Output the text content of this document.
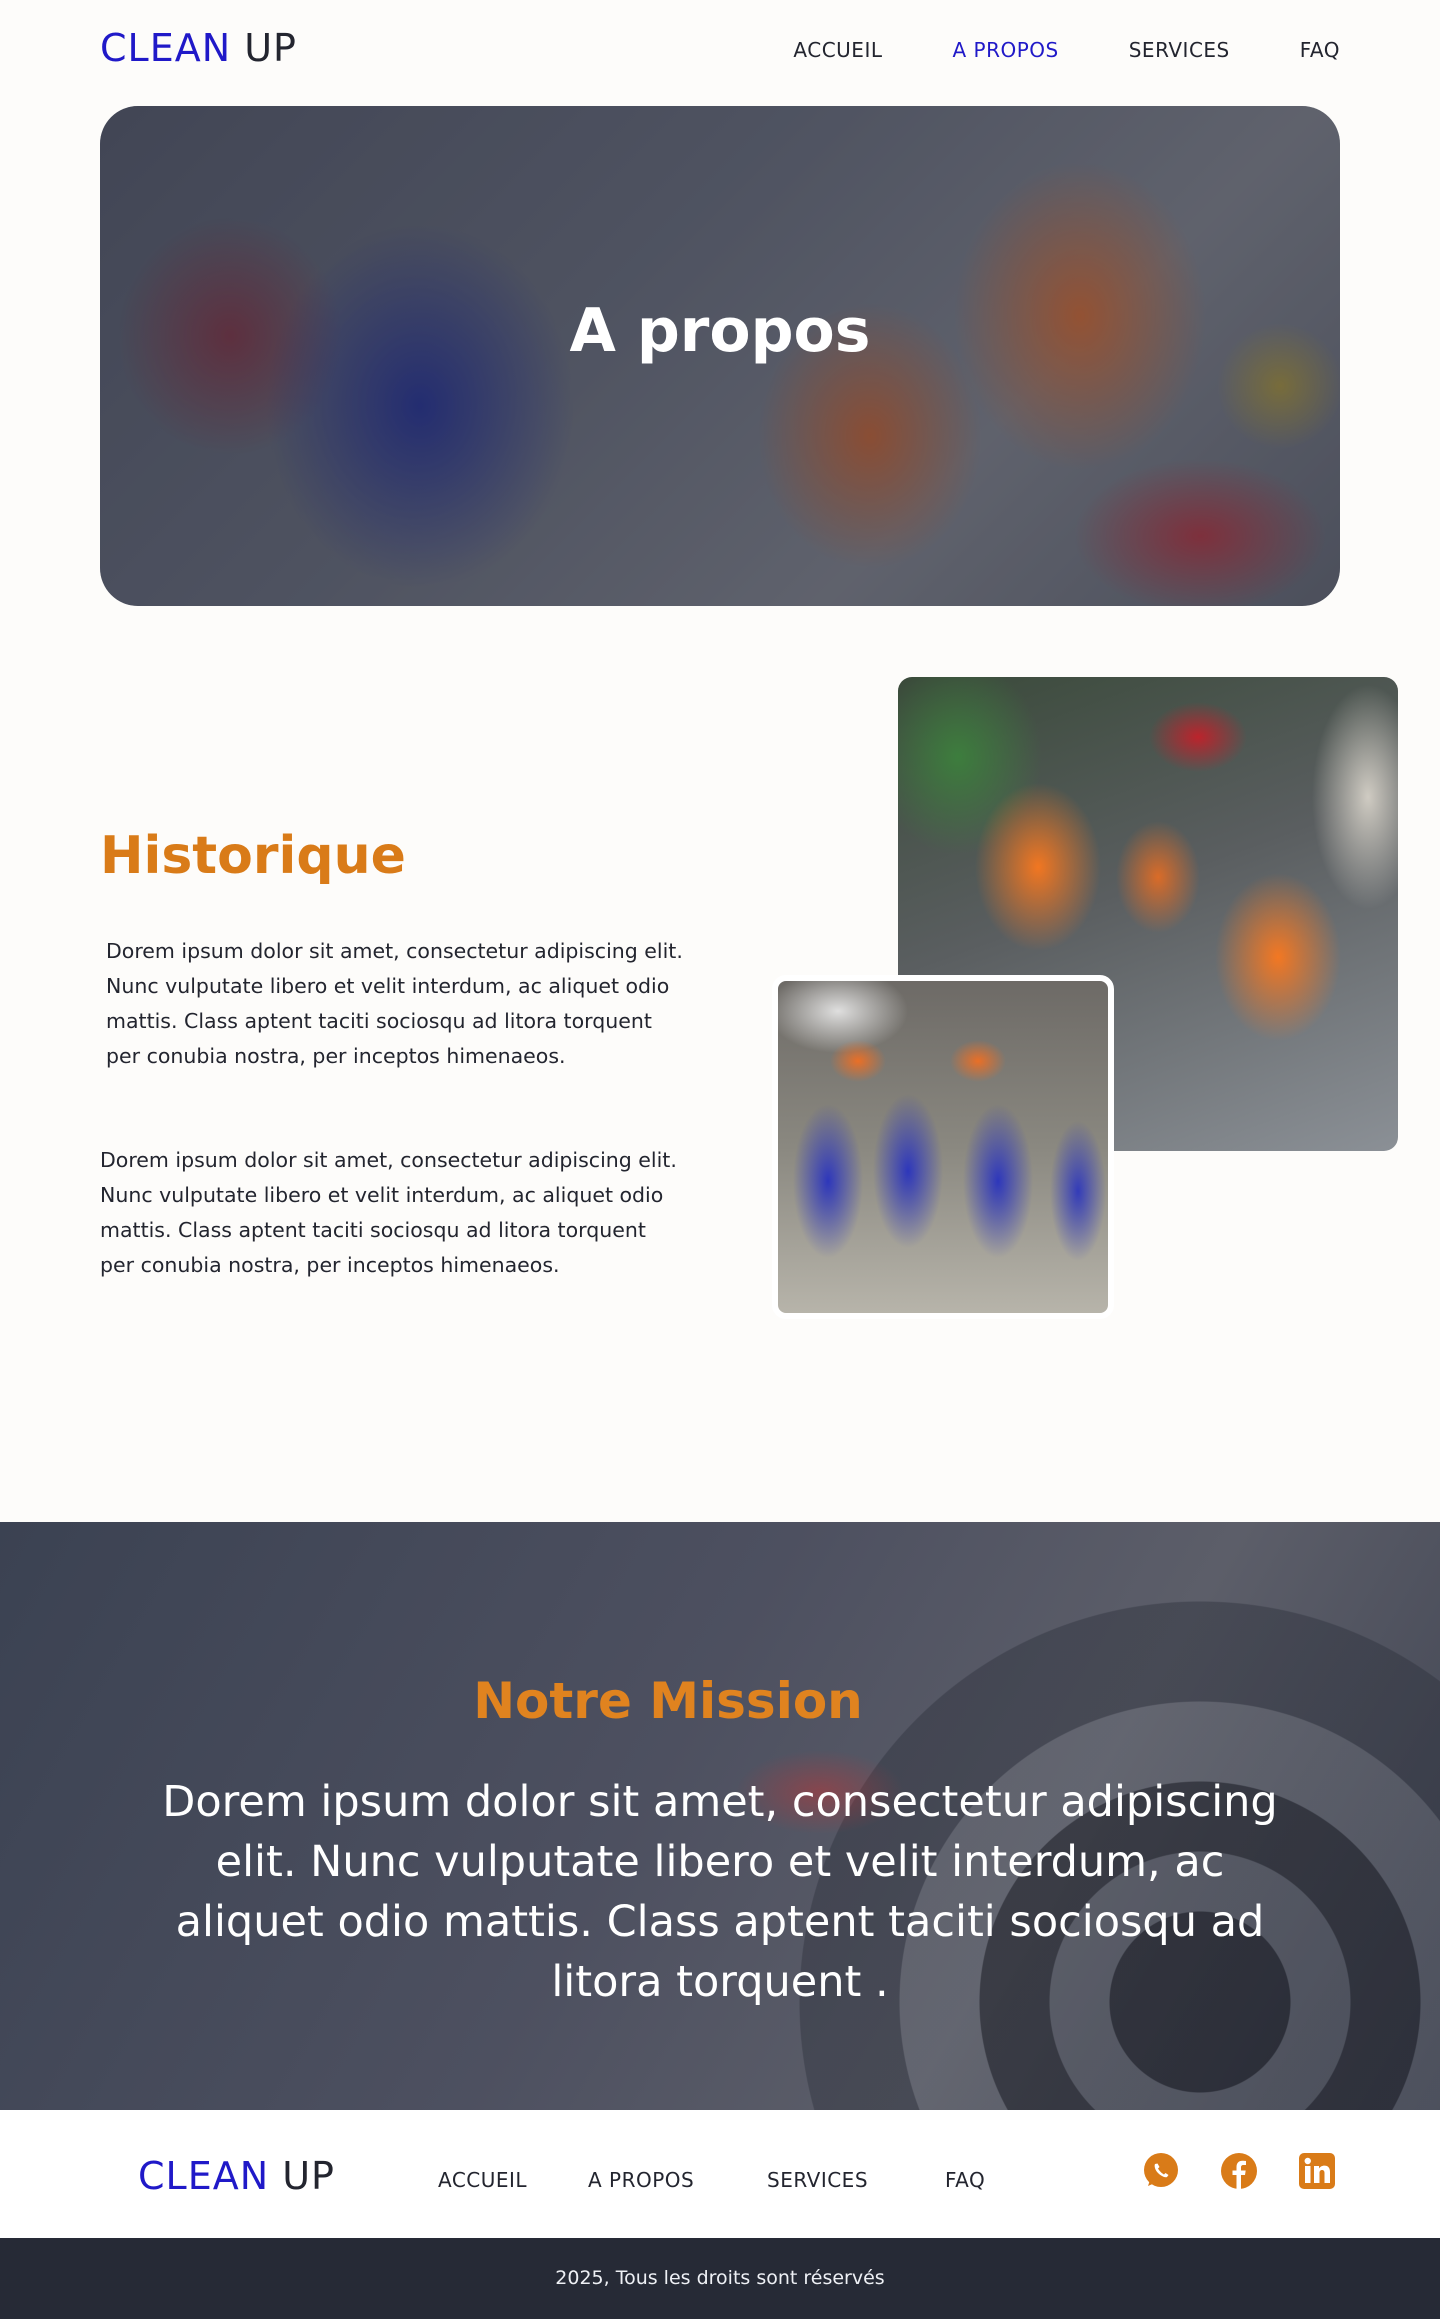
CLEAN UP	ACCUEIL	A PROPOS	SERVICES	FAQ
A propos
Historique

Dorem ipsum dolor sit amet, consectetur adipiscing elit. Nunc vulputate libero et velit interdum, ac aliquet odio mattis. Class aptent taciti sociosqu ad litora torquent per conubia nostra, per inceptos himenaeos.

Dorem ipsum dolor sit amet, consectetur adipiscing elit. Nunc vulputate libero et velit interdum, ac aliquet odio mattis. Class aptent taciti sociosqu ad litora torquent per conubia nostra, per inceptos himenaeos.

Notre Mission

Dorem ipsum dolor sit amet, consectetur adipiscing elit. Nunc vulputate libero et velit interdum, ac aliquet odio mattis. Class aptent taciti sociosqu ad litora torquent .

CLEAN UP	ACCUEIL	A PROPOS	SERVICES	FAQ

2025, Tous les droits sont réservés
